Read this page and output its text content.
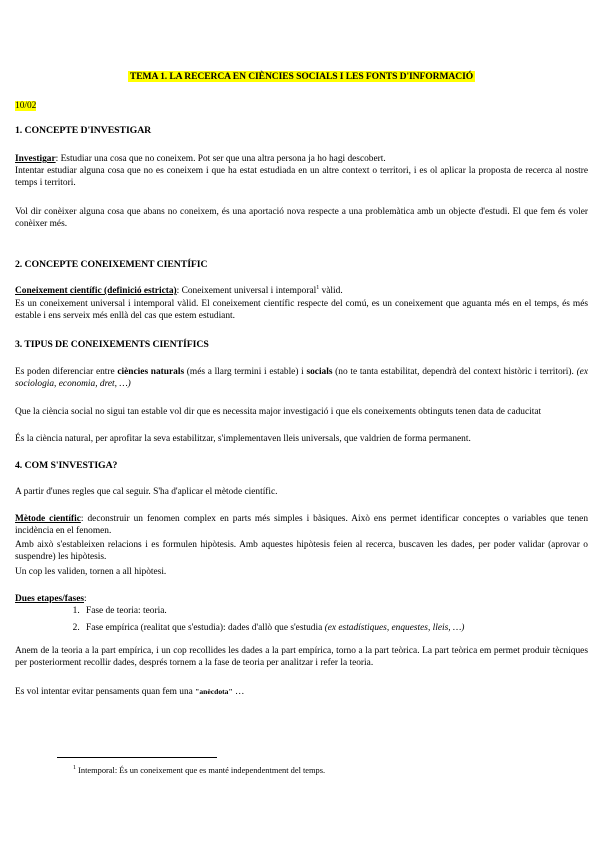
TEMA 1. LA RECERCA EN CIÈNCIES SOCIALS I LES FONTS D'INFORMACIÓ
10/02
1. CONCEPTE D'INVESTIGAR
Investigar: Estudiar una cosa que no coneixem. Pot ser que una altra persona ja ho hagi descobert.
Intentar estudiar alguna cosa que no es coneixem i que ha estat estudiada en un altre context o territori, i es ol aplicar la proposta de recerca al nostre temps i territori.
Vol dir conèixer alguna cosa que abans no coneixem, és una aportació nova respecte a una problemàtica amb un objecte d'estudi. El que fem és voler conèixer més.
2. CONCEPTE CONEIXEMENT CIENTÍFIC
Coneixement científic (definició estricta): Coneixement universal i intemporal$^1$ vàlid.
Es un coneixement universal i intemporal vàlid. El coneixement científic respecte del comú, es un coneixement que aguanta més en el temps, és més estable i ens serveix més enllà del cas que estem estudiant.
3. TIPUS DE CONEIXEMENTS CIENTÍFICS
Es poden diferenciar entre ciències naturals (més a llarg termini i estable) i socials (no te tanta estabilitat, dependrà del context històric i territori). (ex sociologia, economia, dret, …)
Que la ciència social no sigui tan estable vol dir que es necessita major investigació i que els coneixements obtinguts tenen data de caducitat
És la ciència natural, per aprofitar la seva estabilitzar, s'implementaven lleis universals, que valdrien de forma permanent.
4. COM S'INVESTIGA?
A partir d'unes regles que cal seguir. S'ha d'aplicar el mètode científic.
Mètode científic: deconstruir un fenomen complex en parts més simples i bàsiques. Això ens permet identificar conceptes o variables que tenen incidència en el fenomen.
Amb això s'estableixen relacions i es formulen hipòtesis. Amb aquestes hipòtesis feien al recerca, buscaven les dades, per poder validar (aprovar o suspendre) les hipòtesis.
Un cop les validen, tornen a all hipòtesi.
Dues etapes/fases:
1. Fase de teoria: teoria.
2. Fase empírica (realitat que s'estudia): dades d'allò que s'estudia (ex estadístiques, enquestes, lleis, …)
Anem de la teoria a la part empírica, i un cop recollides les dades a la part empírica, torno a la part teòrica. La part teòrica em permet produir tècniques per posteriorment recollir dades, després tornem a la fase de teoria per analitzar i refer la teoria.
Es vol intentar evitar pensaments quan fem una "anècdota" …
$^1$ Intemporal: És un coneixement que es manté independentment del temps.
